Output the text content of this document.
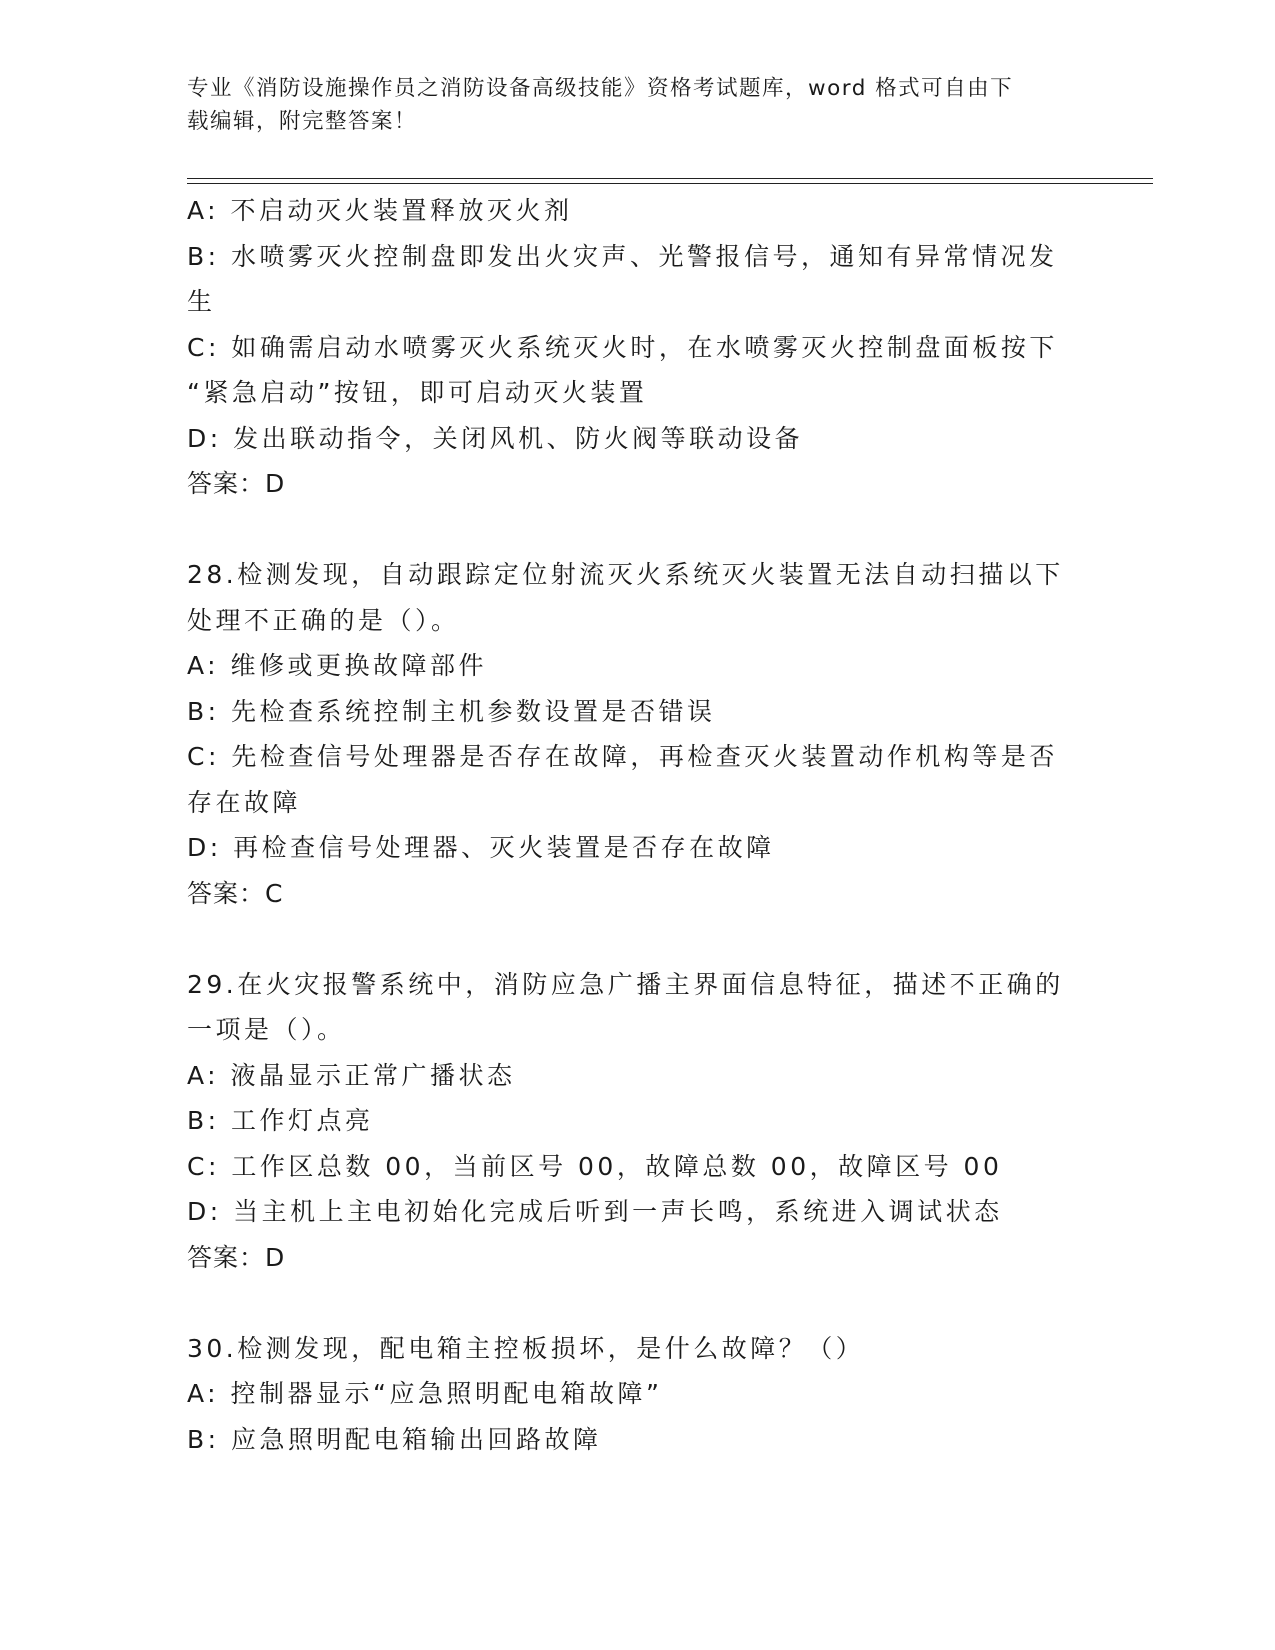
专业《消防设施操作员之消防设备高级技能》资格考试题库，word 格式可自由下

载编辑，附完整答案！

A: 不启动灭火装置释放灭火剂

B: 水喷雾灭火控制盘即发出火灾声、光警报信号，通知有异常情况发

生

C: 如确需启动水喷雾灭火系统灭火时，在水喷雾灭火控制盘面板按下

“紧急启动”按钮，即可启动灭火装置

D: 发出联动指令，关闭风机、防火阀等联动设备

答案：D

28.检测发现，自动跟踪定位射流灭火系统灭火装置无法自动扫描以下

处理不正确的是（）。

A: 维修或更换故障部件

B: 先检查系统控制主机参数设置是否错误

C: 先检查信号处理器是否存在故障，再检查灭火装置动作机构等是否

存在故障

D: 再检查信号处理器、灭火装置是否存在故障

答案：C

29.在火灾报警系统中，消防应急广播主界面信息特征，描述不正确的

一项是（）。

A: 液晶显示正常广播状态

B: 工作灯点亮

C: 工作区总数 00，当前区号 00，故障总数 00，故障区号 00

D: 当主机上主电初始化完成后听到一声长鸣，系统进入调试状态

答案：D

30.检测发现，配电箱主控板损坏，是什么故障？（）

A: 控制器显示“应急照明配电箱故障”

B: 应急照明配电箱输出回路故障
